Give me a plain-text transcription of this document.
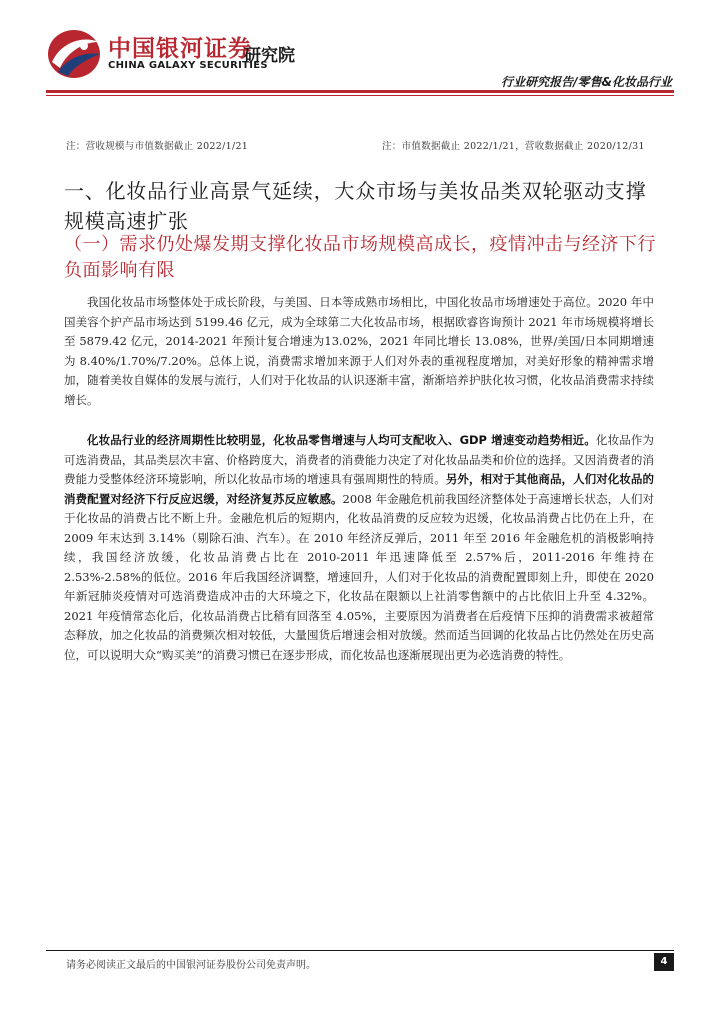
中国银河证券
CHINA GALAXY SECURITIES
研究院
行业研究报告/零售&化妆品行业
注：营收规模与市值数据截止 2022/1/21	注：市值数据截止 2022/1/21，营收数据截止 2020/12/31
一、化妆品行业高景气延续，大众市场与美妆品类双轮驱动支撑规模高速扩张
（一）需求仍处爆发期支撑化妆品市场规模高成长，疫情冲击与经济下行负面影响有限

我国化妆品市场整体处于成长阶段，与美国、日本等成熟市场相比，中国化妆品市场增速处于高位。2020 年中国美容个护产品市场达到 5199.46 亿元，成为全球第二大化妆品市场，根据欧睿咨询预计 2021 年市场规模将增长至 5879.42 亿元，2014-2021 年预计复合增速为13.02%，2021 年同比增长 13.08%，世界/美国/日本同期增速为 8.40%/1.70%/7.20%。总体上说，消费需求增加来源于人们对外表的重视程度增加，对美好形象的精神需求增加，随着美妆自媒体的发展与流行，人们对于化妆品的认识逐渐丰富，渐渐培养护肤化妆习惯，化妆品消费需求持续增长。

化妆品行业的经济周期性比较明显，化妆品零售增速与人均可支配收入、GDP 增速变动趋势相近。化妆品作为可选消费品，其品类层次丰富、价格跨度大，消费者的消费能力决定了对化妆品品类和价位的选择。又因消费者的消费能力受整体经济环境影响，所以化妆品市场的增速具有强周期性的特质。另外，相对于其他商品，人们对化妆品的消费配置对经济下行反应迟缓，对经济复苏反应敏感。2008 年金融危机前我国经济整体处于高速增长状态，人们对于化妆品的消费占比不断上升。金融危机后的短期内，化妆品消费的反应较为迟缓，化妆品消费占比仍在上升，在 2009 年末达到 3.14%（剔除石油、汽车）。在 2010 年经济反弹后，2011 年至 2016 年金融危机的消极影响持续，我国经济放缓，化妆品消费占比在 2010-2011 年迅速降低至 2.57%后，2011-2016 年维持在 2.53%-2.58%的低位。2016 年后我国经济调整，增速回升，人们对于化妆品的消费配置即刻上升，即使在 2020 年新冠肺炎疫情对可选消费造成冲击的大环境之下，化妆品在限额以上社消零售额中的占比依旧上升至 4.32%。2021 年疫情常态化后，化妆品消费占比稍有回落至 4.05%，主要原因为消费者在后疫情下压抑的消费需求被超常态释放，加之化妆品的消费频次相对较低，大量囤货后增速会相对放缓。然而适当回调的化妆品占比仍然处在历史高位，可以说明大众“购买美”的消费习惯已在逐步形成，而化妆品也逐渐展现出更为必选消费的特性。

请务必阅读正文最后的中国银河证券股份公司免责声明。	4
